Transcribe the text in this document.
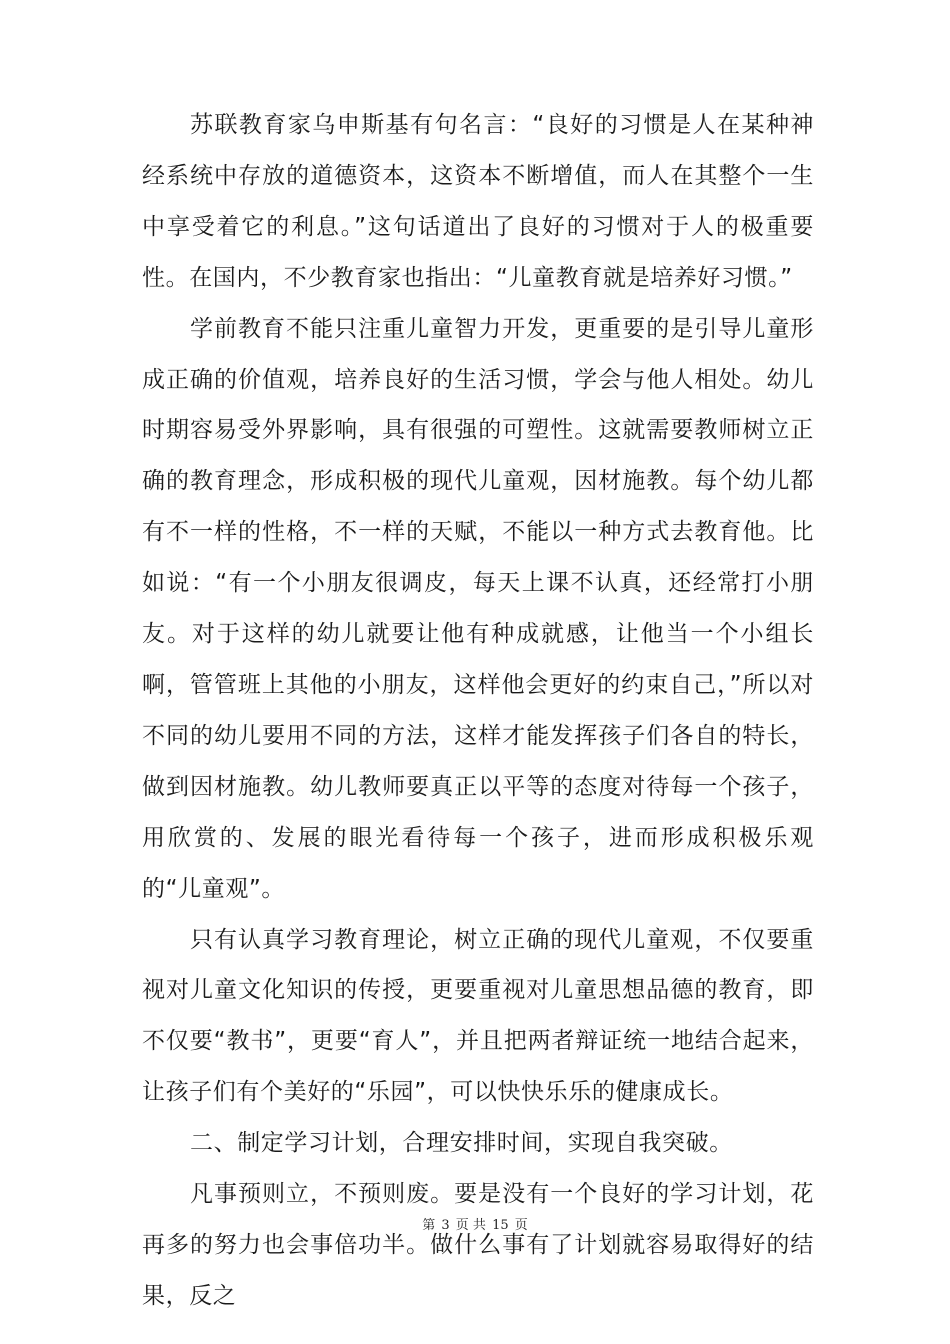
苏联教育家乌申斯基有句名言：“良好的习惯是人在某种神经系统中存放的道德资本，这资本不断增值，而人在其整个一生中享受着它的利息。”这句话道出了良好的习惯对于人的极重要性。在国内，不少教育家也指出：“儿童教育就是培养好习惯。”

学前教育不能只注重儿童智力开发，更重要的是引导儿童形成正确的价值观，培养良好的生活习惯，学会与他人相处。幼儿时期容易受外界影响，具有很强的可塑性。这就需要教师树立正确的教育理念，形成积极的现代儿童观，因材施教。每个幼儿都有不一样的性格，不一样的天赋，不能以一种方式去教育他。比如说：“有一个小朋友很调皮，每天上课不认真，还经常打小朋友。对于这样的幼儿就要让他有种成就感，让他当一个小组长啊，管管班上其他的小朋友，这样他会更好的约束自己，”所以对不同的幼儿要用不同的方法，这样才能发挥孩子们各自的特长，做到因材施教。幼儿教师要真正以平等的态度对待每一个孩子，用欣赏的、发展的眼光看待每一个孩子，进而形成积极乐观的“儿童观”。

只有认真学习教育理论，树立正确的现代儿童观，不仅要重视对儿童文化知识的传授，更要重视对儿童思想品德的教育，即不仅要“教书”，更要“育人”，并且把两者辩证统一地结合起来，让孩子们有个美好的“乐园”，可以快快乐乐的健康成长。

二、制定学习计划，合理安排时间，实现自我突破。

凡事预则立，不预则废。要是没有一个良好的学习计划，花再多的努力也会事倍功半。做什么事有了计划就容易取得好的结果，反之

第 3 页 共 15 页
